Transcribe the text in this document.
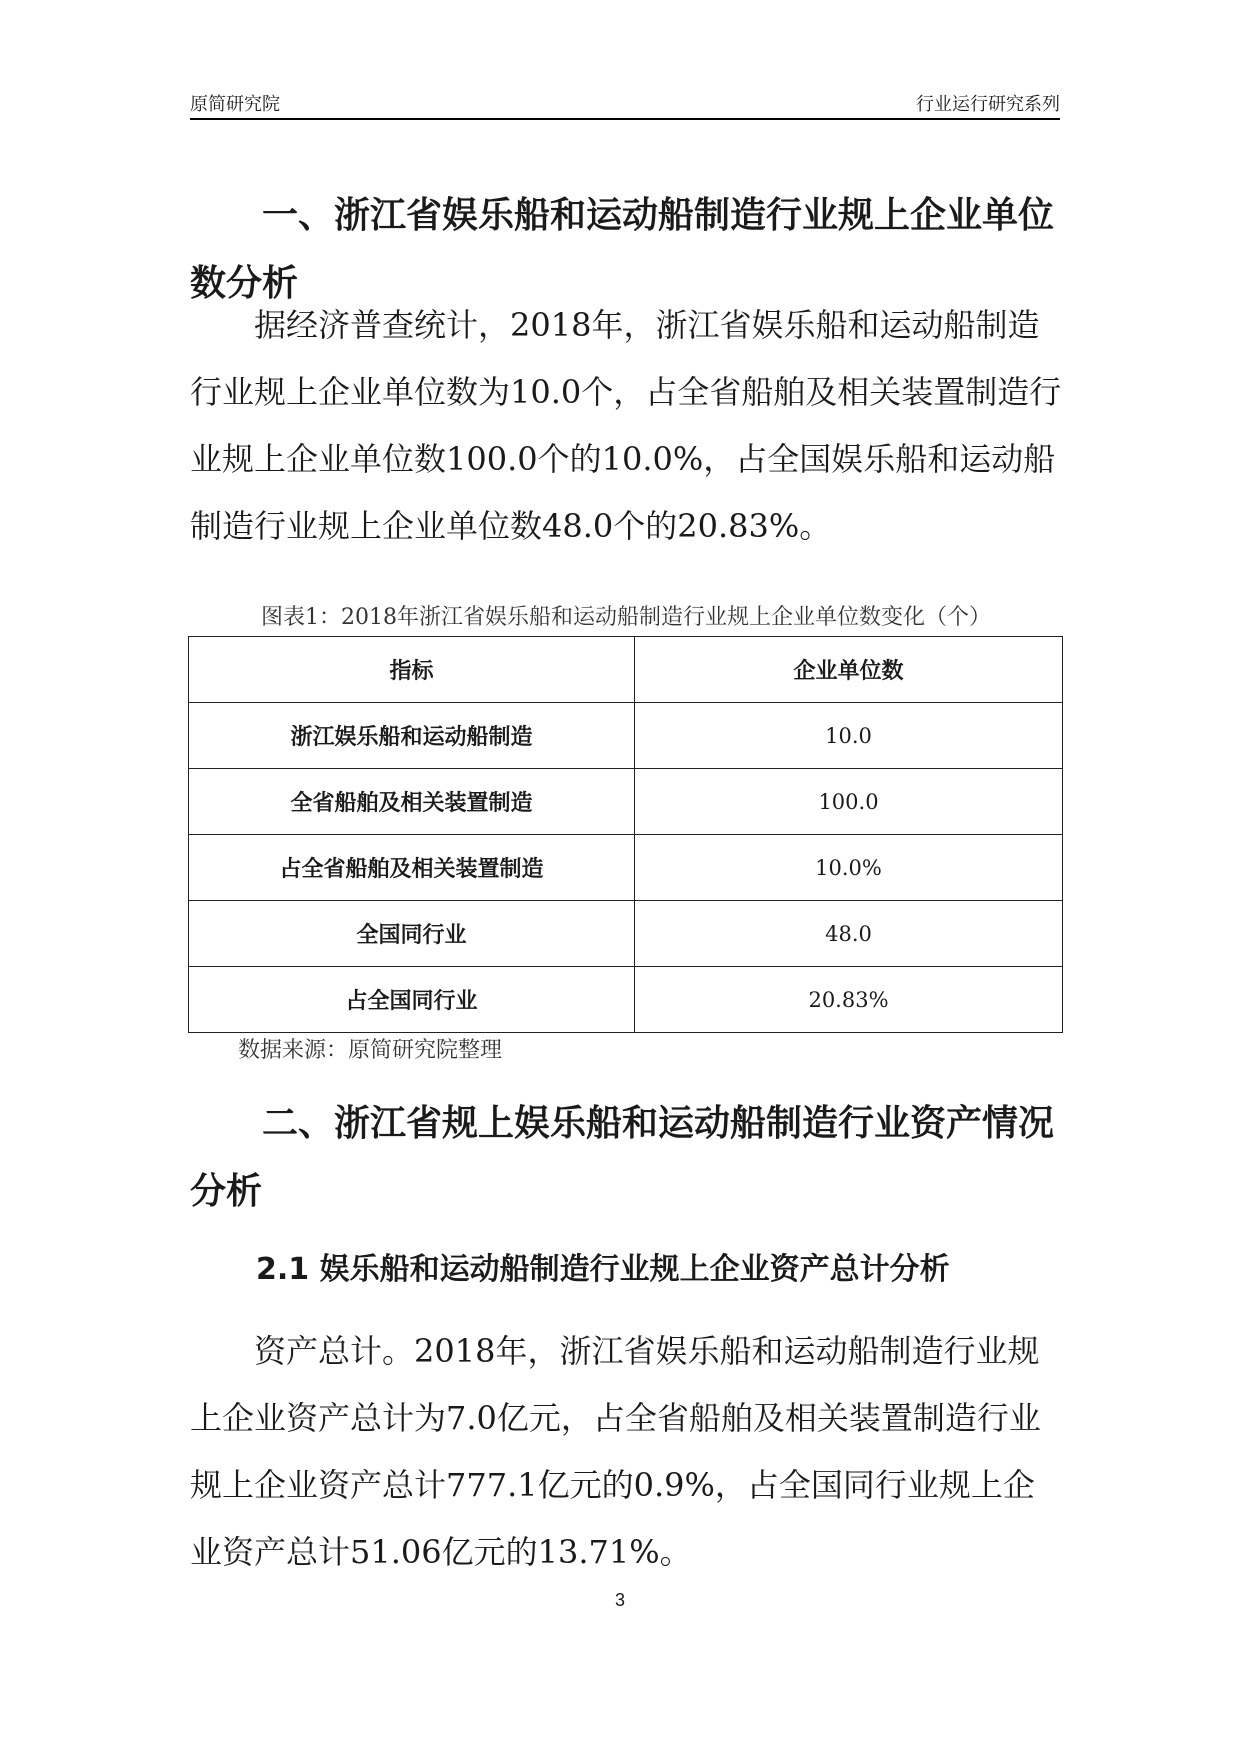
原简研究院	行业运行研究系列
一、浙江省娱乐船和运动船制造行业规上企业单位数分析

据经济普查统计，2018年，浙江省娱乐船和运动船制造行业规上企业单位数为10.0个，占全省船舶及相关装置制造行业规上企业单位数100.0个的10.0%，占全国娱乐船和运动船制造行业规上企业单位数48.0个的20.83%。

图表1：2018年浙江省娱乐船和运动船制造行业规上企业单位数变化（个）
指标	企业单位数
浙江娱乐船和运动船制造	10.0
全省船舶及相关装置制造	100.0
占全省船舶及相关装置制造	10.0%
全国同行业	48.0
占全国同行业	20.83%
数据来源：原简研究院整理
二、浙江省规上娱乐船和运动船制造行业资产情况分析
2.1 娱乐船和运动船制造行业规上企业资产总计分析

资产总计。2018年，浙江省娱乐船和运动船制造行业规上企业资产总计为7.0亿元，占全省船舶及相关装置制造行业规上企业资产总计777.1亿元的0.9%，占全国同行业规上企业资产总计51.06亿元的13.71%。

3
